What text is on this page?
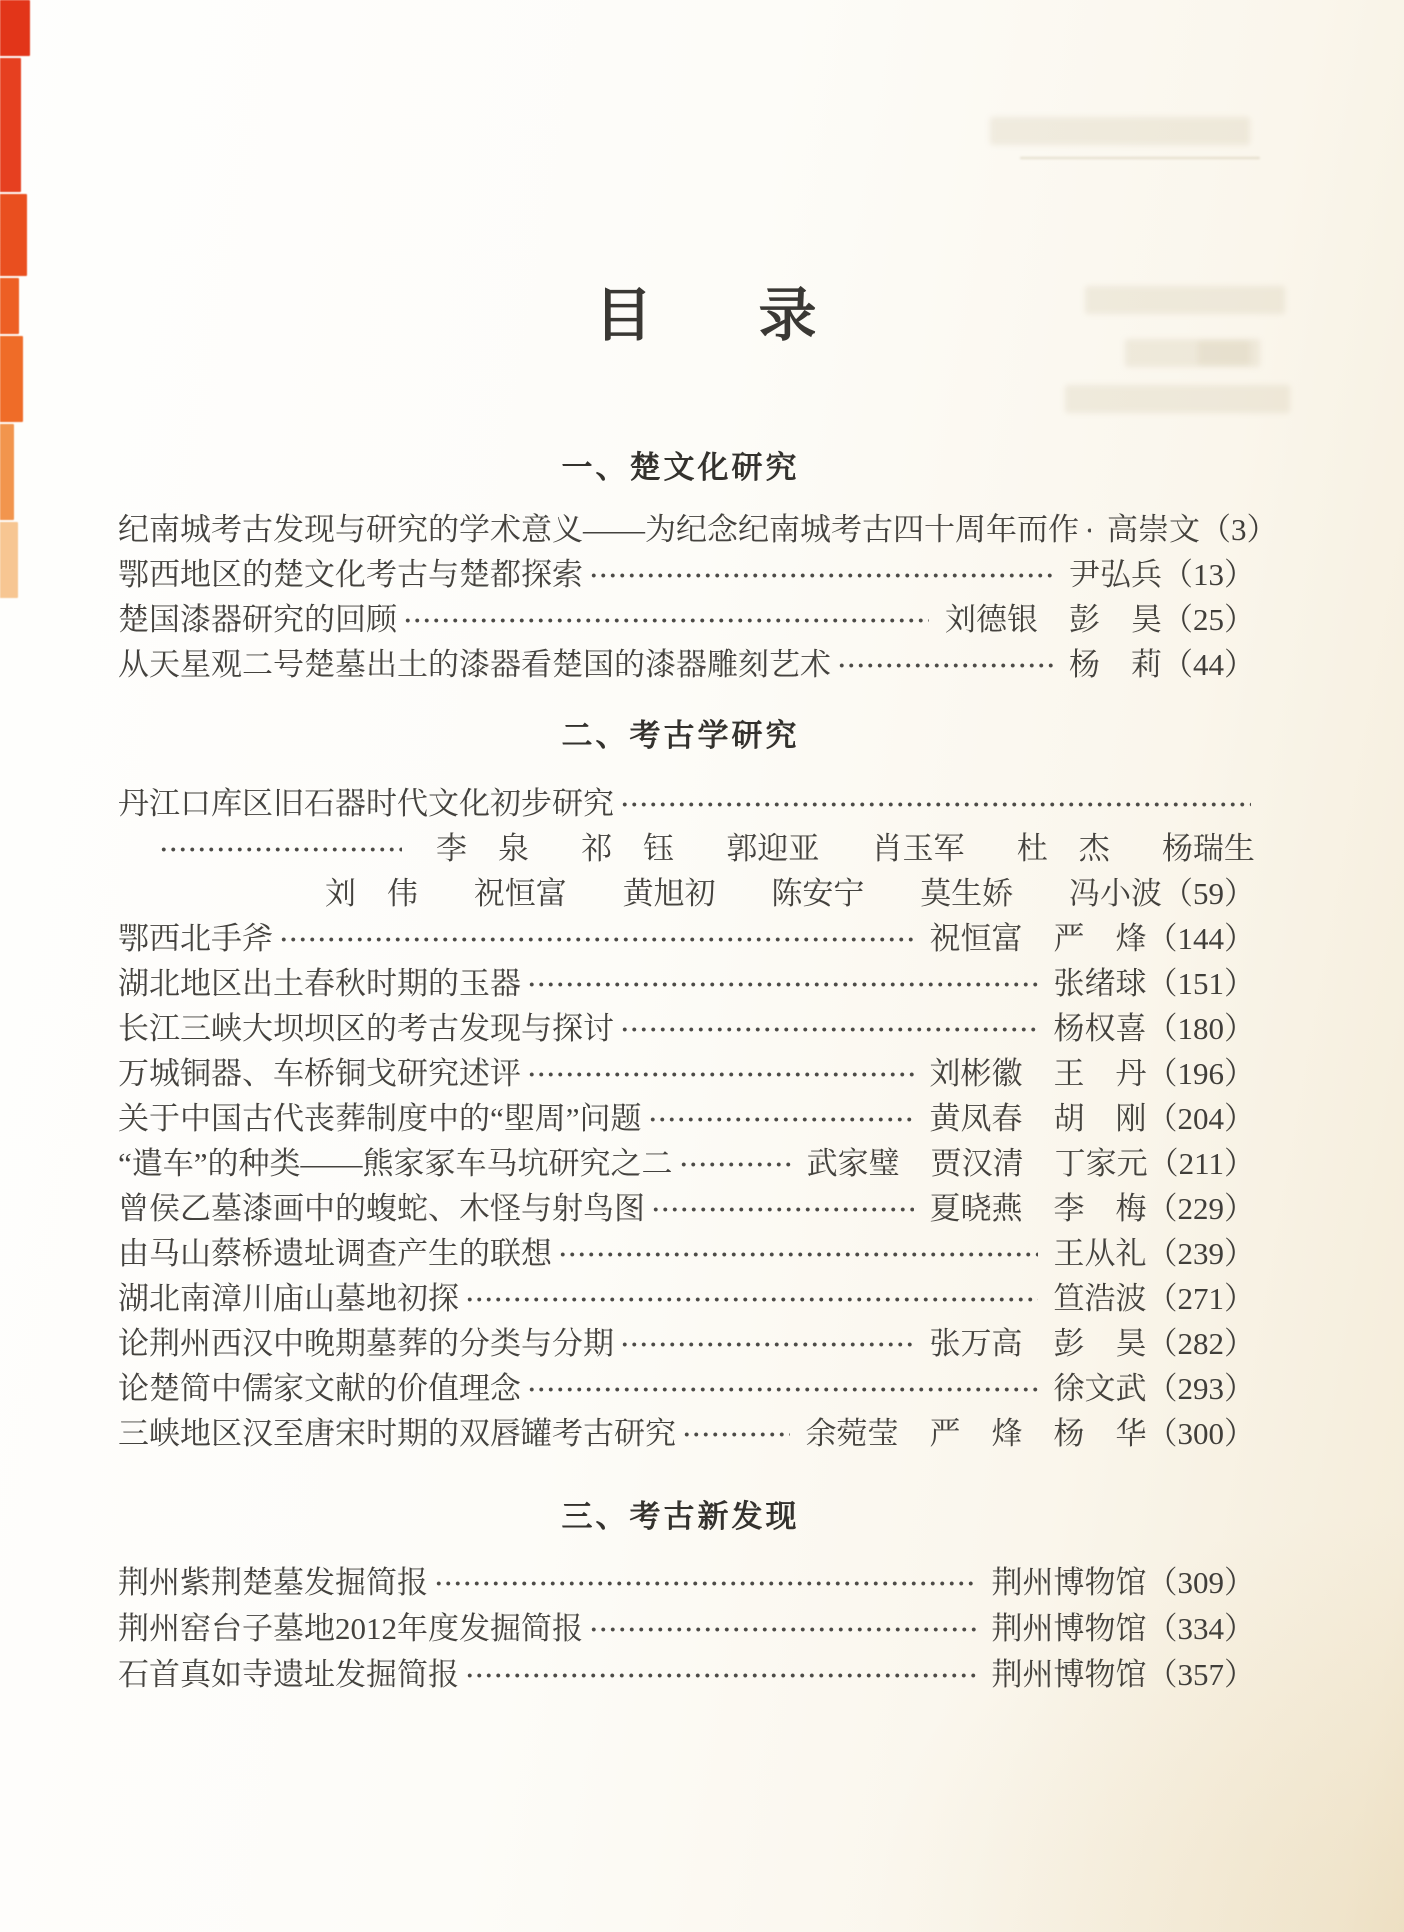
目　录
一、楚文化研究
纪南城考古发现与研究的学术意义——为纪念纪南城考古四十周年而作 高崇文 （3）
鄂西地区的楚文化考古与楚都探索	尹弘兵 （13）
楚国漆器研究的回顾	刘德银　彭　昊 （25）
从天星观二号楚墓出土的漆器看楚国的漆器雕刻艺术	杨　莉 （44）
二、考古学研究
丹江口库区旧石器时代文化初步研究
李　泉 祁　钰 郭迎亚 肖玉军 杜　杰 杨瑞生
刘　伟 祝恒富 黄旭初 陈安宁 莫生娇 冯小波 （59）
鄂西北手斧	祝恒富　严　烽 （144）
湖北地区出土春秋时期的玉器	张绪球 （151）
长江三峡大坝坝区的考古发现与探讨	杨权喜 （180）
万城铜器、车桥铜戈研究述评	刘彬徽　王　丹 （196）
关于中国古代丧葬制度中的“堲周”问题	黄凤春　胡　刚 （204）
“遣车”的种类——熊家冢车马坑研究之二	武家璧　贾汉清　丁家元 （211）
曾侯乙墓漆画中的蝮蛇、木怪与射鸟图	夏晓燕　李　梅 （229）
由马山蔡桥遗址调查产生的联想	王从礼 （239）
湖北南漳川庙山墓地初探	笪浩波 （271）
论荆州西汉中晚期墓葬的分类与分期	张万高　彭　昊 （282）
论楚简中儒家文献的价值理念	徐文武 （293）
三峡地区汉至唐宋时期的双唇罐考古研究	余菀莹　严　烽　杨　华 （300）
三、考古新发现
荆州紫荆楚墓发掘简报	荆州博物馆 （309）
荆州窑台子墓地2012年度发掘简报	荆州博物馆 （334）
石首真如寺遗址发掘简报	荆州博物馆 （357）
